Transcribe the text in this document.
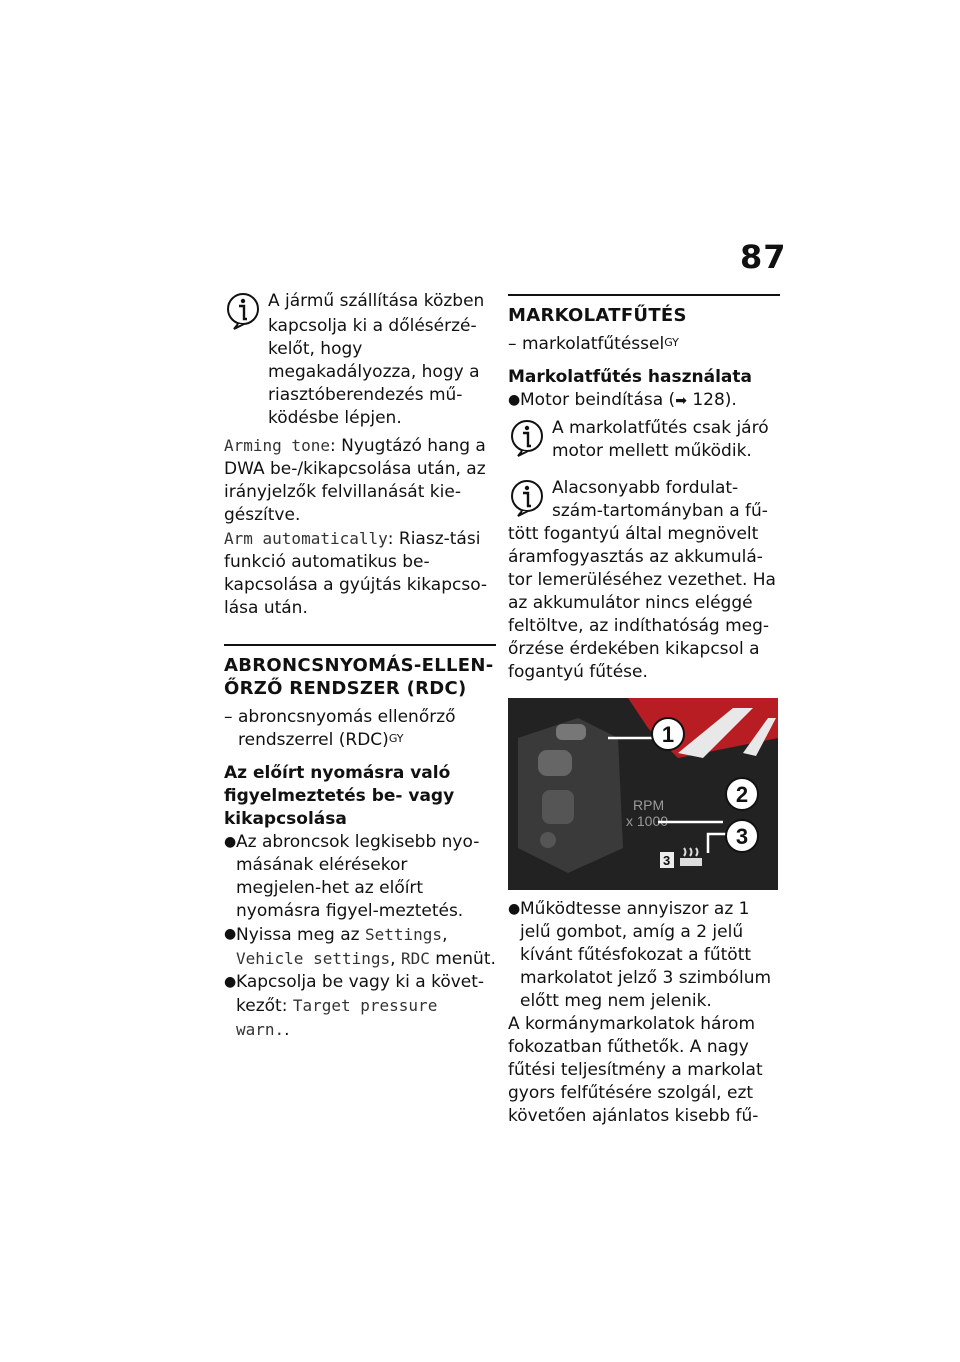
87
A jármű szállítása közben

kapcsolja ki a dőlésérzé-kelőt, hogy megakadályozza, hogy a riasztóberendezés mű-ködésbe lépjen.

Arming tone: Nyugtázó hang a DWA be-/kikapcsolása után, az irányjelzők felvillanását kie-gészítve.

Arm automatically: Riasz-tási funkció automatikus be-kapcsolása a gyújtás kikapcso-lása után.

ABRONCSNYOMÁS-ELLEN-ŐRZŐ RENDSZER (RDC)

– abroncsnyomás ellenőrző rendszerrel (RDC)$^{GY}$

Az előírt nyomásra való figyelmeztetés be- vagy kikapcsolása

● Az abroncsok legkisebb nyo-másának elérésekor megjelen-het az előírt nyomásra figyel-meztetés.
● Nyissa meg az Settings, Vehicle settings, RDC menüt.
● Kapcsolja be vagy ki a követ-kezőt: Target pressure warn..

MARKOLATFŰTÉS

– markolatfűtéssel$^{GY}$

Markolatfűtés használata

● Motor beindítása (➡ 128).
A markolatfűtés csak járó

motor mellett működik.

Alacsonyabb fordulat-

szám-tartományban a fű-tött fogantyú által megnövelt áramfogyasztás az akkumulá-tor lemerüléséhez vezethet. Ha az akkumulátor nincs eléggé feltöltve, az indíthatóság meg-őrzése érdekében kikapcsol a fogantyú fűtése.

RPM
x 1000
3
1
2
3
● Működtesse annyiszor az 1 jelű gombot, amíg a 2 jelű kívánt fűtésfokozat a fűtött markolatot jelző 3 szimbólum előtt meg nem jelenik.

A kormánymarkolatok három fokozatban fűthetők. A nagy fűtési teljesítmény a markolat gyors felfűtésére szolgál, ezt követően ajánlatos kisebb fű-
